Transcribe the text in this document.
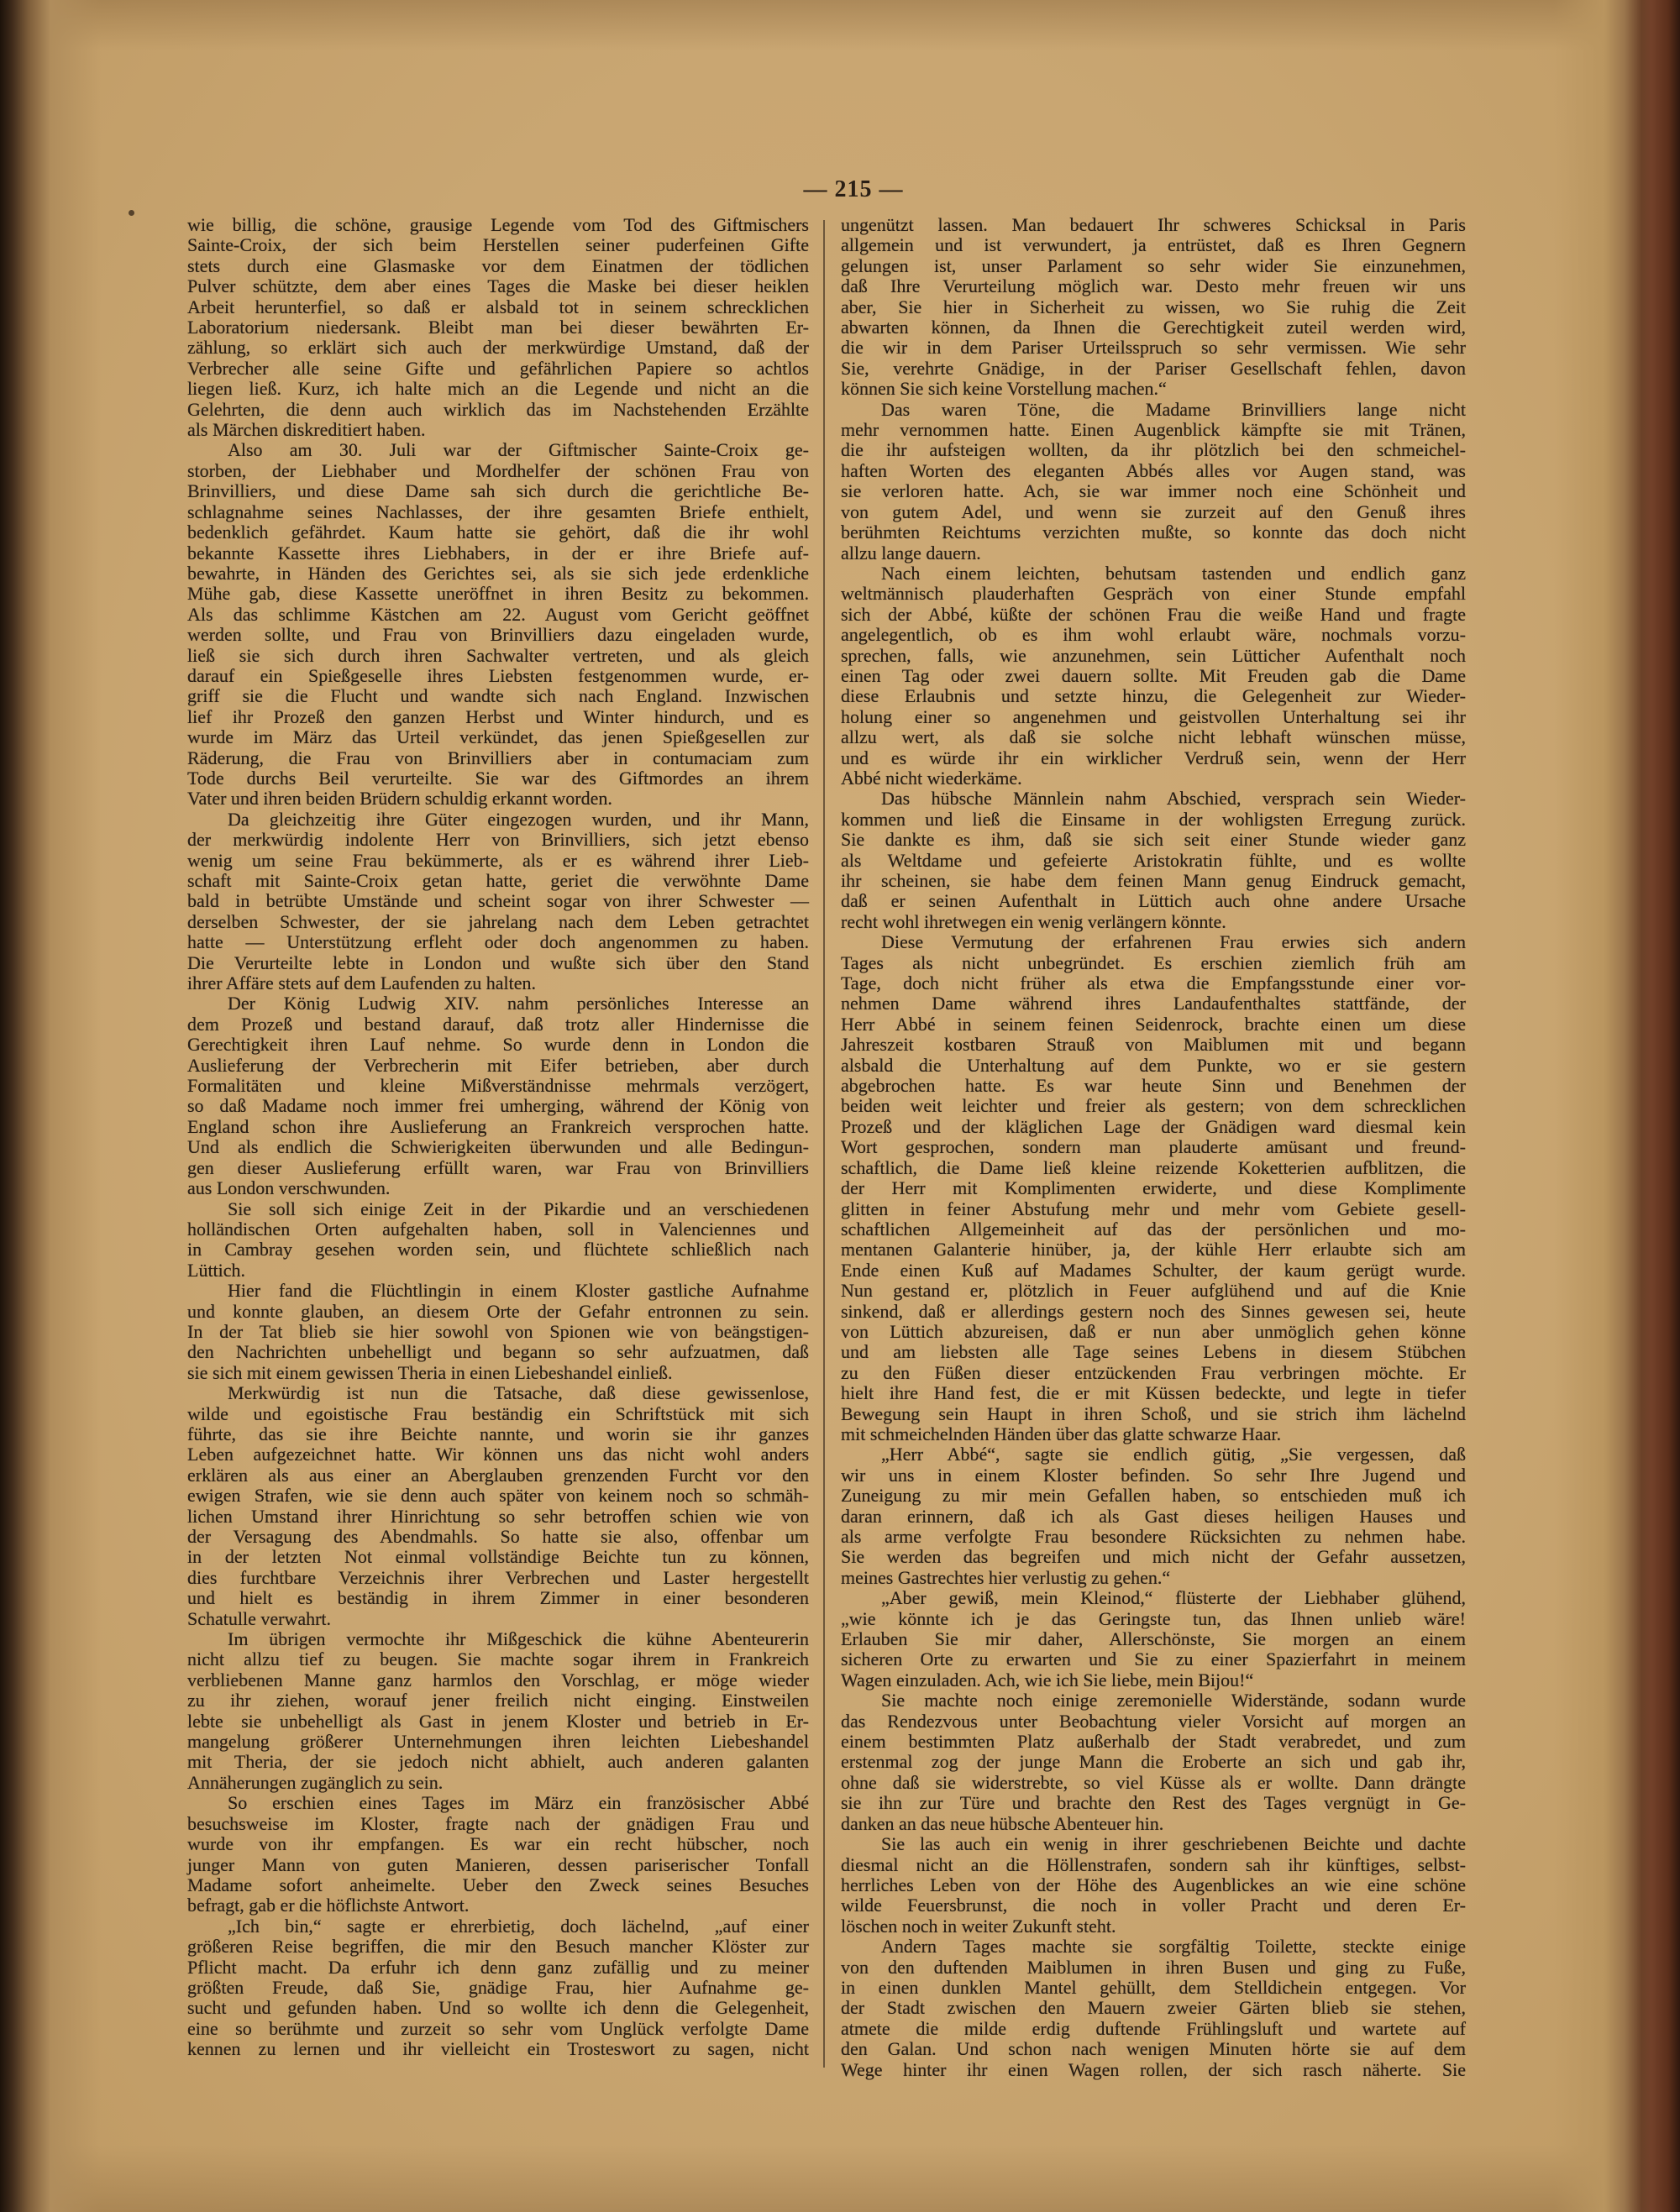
— 215 —
wie billig, die schöne, grausige Legende vom Tod des Giftmischers
Sainte-Croix, der sich beim Herstellen seiner puderfeinen Gifte
stets durch eine Glasmaske vor dem Einatmen der tödlichen
Pulver schützte, dem aber eines Tages die Maske bei dieser heiklen
Arbeit herunterfiel, so daß er alsbald tot in seinem schrecklichen
Laboratorium niedersank. Bleibt man bei dieser bewährten Er-
zählung, so erklärt sich auch der merkwürdige Umstand, daß der
Verbrecher alle seine Gifte und gefährlichen Papiere so achtlos
liegen ließ. Kurz, ich halte mich an die Legende und nicht an die
Gelehrten, die denn auch wirklich das im Nachstehenden Erzählte
als Märchen diskreditiert haben.
Also am 30. Juli war der Giftmischer Sainte-Croix ge-
storben, der Liebhaber und Mordhelfer der schönen Frau von
Brinvilliers, und diese Dame sah sich durch die gerichtliche Be-
schlagnahme seines Nachlasses, der ihre gesamten Briefe enthielt,
bedenklich gefährdet. Kaum hatte sie gehört, daß die ihr wohl
bekannte Kassette ihres Liebhabers, in der er ihre Briefe auf-
bewahrte, in Händen des Gerichtes sei, als sie sich jede erdenkliche
Mühe gab, diese Kassette uneröffnet in ihren Besitz zu bekommen.
Als das schlimme Kästchen am 22. August vom Gericht geöffnet
werden sollte, und Frau von Brinvilliers dazu eingeladen wurde,
ließ sie sich durch ihren Sachwalter vertreten, und als gleich
darauf ein Spießgeselle ihres Liebsten festgenommen wurde, er-
griff sie die Flucht und wandte sich nach England. Inzwischen
lief ihr Prozeß den ganzen Herbst und Winter hindurch, und es
wurde im März das Urteil verkündet, das jenen Spießgesellen zur
Räderung, die Frau von Brinvilliers aber in contumaciam zum
Tode durchs Beil verurteilte. Sie war des Giftmordes an ihrem
Vater und ihren beiden Brüdern schuldig erkannt worden.
Da gleichzeitig ihre Güter eingezogen wurden, und ihr Mann,
der merkwürdig indolente Herr von Brinvilliers, sich jetzt ebenso
wenig um seine Frau bekümmerte, als er es während ihrer Lieb-
schaft mit Sainte-Croix getan hatte, geriet die verwöhnte Dame
bald in betrübte Umstände und scheint sogar von ihrer Schwester —
derselben Schwester, der sie jahrelang nach dem Leben getrachtet
hatte — Unterstützung erfleht oder doch angenommen zu haben.
Die Verurteilte lebte in London und wußte sich über den Stand
ihrer Affäre stets auf dem Laufenden zu halten.
Der König Ludwig XIV. nahm persönliches Interesse an
dem Prozeß und bestand darauf, daß trotz aller Hindernisse die
Gerechtigkeit ihren Lauf nehme. So wurde denn in London die
Auslieferung der Verbrecherin mit Eifer betrieben, aber durch
Formalitäten und kleine Mißverständnisse mehrmals verzögert,
so daß Madame noch immer frei umherging, während der König von
England schon ihre Auslieferung an Frankreich versprochen hatte.
Und als endlich die Schwierigkeiten überwunden und alle Bedingun-
gen dieser Auslieferung erfüllt waren, war Frau von Brinvilliers
aus London verschwunden.
Sie soll sich einige Zeit in der Pikardie und an verschiedenen
holländischen Orten aufgehalten haben, soll in Valenciennes und
in Cambray gesehen worden sein, und flüchtete schließlich nach
Lüttich.
Hier fand die Flüchtlingin in einem Kloster gastliche Aufnahme
und konnte glauben, an diesem Orte der Gefahr entronnen zu sein.
In der Tat blieb sie hier sowohl von Spionen wie von beängstigen-
den Nachrichten unbehelligt und begann so sehr aufzuatmen, daß
sie sich mit einem gewissen Theria in einen Liebeshandel einließ.
Merkwürdig ist nun die Tatsache, daß diese gewissenlose,
wilde und egoistische Frau beständig ein Schriftstück mit sich
führte, das sie ihre Beichte nannte, und worin sie ihr ganzes
Leben aufgezeichnet hatte. Wir können uns das nicht wohl anders
erklären als aus einer an Aberglauben grenzenden Furcht vor den
ewigen Strafen, wie sie denn auch später von keinem noch so schmäh-
lichen Umstand ihrer Hinrichtung so sehr betroffen schien wie von
der Versagung des Abendmahls. So hatte sie also, offenbar um
in der letzten Not einmal vollständige Beichte tun zu können,
dies furchtbare Verzeichnis ihrer Verbrechen und Laster hergestellt
und hielt es beständig in ihrem Zimmer in einer besonderen
Schatulle verwahrt.
Im übrigen vermochte ihr Mißgeschick die kühne Abenteurerin
nicht allzu tief zu beugen. Sie machte sogar ihrem in Frankreich
verbliebenen Manne ganz harmlos den Vorschlag, er möge wieder
zu ihr ziehen, worauf jener freilich nicht einging. Einstweilen
lebte sie unbehelligt als Gast in jenem Kloster und betrieb in Er-
mangelung größerer Unternehmungen ihren leichten Liebeshandel
mit Theria, der sie jedoch nicht abhielt, auch anderen galanten
Annäherungen zugänglich zu sein.
So erschien eines Tages im März ein französischer Abbé
besuchsweise im Kloster, fragte nach der gnädigen Frau und
wurde von ihr empfangen. Es war ein recht hübscher, noch
junger Mann von guten Manieren, dessen pariserischer Tonfall
Madame sofort anheimelte. Ueber den Zweck seines Besuches
befragt, gab er die höflichste Antwort.
„Ich bin,“ sagte er ehrerbietig, doch lächelnd, „auf einer
größeren Reise begriffen, die mir den Besuch mancher Klöster zur
Pflicht macht. Da erfuhr ich denn ganz zufällig und zu meiner
größten Freude, daß Sie, gnädige Frau, hier Aufnahme ge-
sucht und gefunden haben. Und so wollte ich denn die Gelegenheit,
eine so berühmte und zurzeit so sehr vom Unglück verfolgte Dame
kennen zu lernen und ihr vielleicht ein Trosteswort zu sagen, nicht
ungenützt lassen. Man bedauert Ihr schweres Schicksal in Paris
allgemein und ist verwundert, ja entrüstet, daß es Ihren Gegnern
gelungen ist, unser Parlament so sehr wider Sie einzunehmen,
daß Ihre Verurteilung möglich war. Desto mehr freuen wir uns
aber, Sie hier in Sicherheit zu wissen, wo Sie ruhig die Zeit
abwarten können, da Ihnen die Gerechtigkeit zuteil werden wird,
die wir in dem Pariser Urteilsspruch so sehr vermissen. Wie sehr
Sie, verehrte Gnädige, in der Pariser Gesellschaft fehlen, davon
können Sie sich keine Vorstellung machen.“
Das waren Töne, die Madame Brinvilliers lange nicht
mehr vernommen hatte. Einen Augenblick kämpfte sie mit Tränen,
die ihr aufsteigen wollten, da ihr plötzlich bei den schmeichel-
haften Worten des eleganten Abbés alles vor Augen stand, was
sie verloren hatte. Ach, sie war immer noch eine Schönheit und
von gutem Adel, und wenn sie zurzeit auf den Genuß ihres
berühmten Reichtums verzichten mußte, so konnte das doch nicht
allzu lange dauern.
Nach einem leichten, behutsam tastenden und endlich ganz
weltmännisch plauderhaften Gespräch von einer Stunde empfahl
sich der Abbé, küßte der schönen Frau die weiße Hand und fragte
angelegentlich, ob es ihm wohl erlaubt wäre, nochmals vorzu-
sprechen, falls, wie anzunehmen, sein Lütticher Aufenthalt noch
einen Tag oder zwei dauern sollte. Mit Freuden gab die Dame
diese Erlaubnis und setzte hinzu, die Gelegenheit zur Wieder-
holung einer so angenehmen und geistvollen Unterhaltung sei ihr
allzu wert, als daß sie solche nicht lebhaft wünschen müsse,
und es würde ihr ein wirklicher Verdruß sein, wenn der Herr
Abbé nicht wiederkäme.
Das hübsche Männlein nahm Abschied, versprach sein Wieder-
kommen und ließ die Einsame in der wohligsten Erregung zurück.
Sie dankte es ihm, daß sie sich seit einer Stunde wieder ganz
als Weltdame und gefeierte Aristokratin fühlte, und es wollte
ihr scheinen, sie habe dem feinen Mann genug Eindruck gemacht,
daß er seinen Aufenthalt in Lüttich auch ohne andere Ursache
recht wohl ihretwegen ein wenig verlängern könnte.
Diese Vermutung der erfahrenen Frau erwies sich andern
Tages als nicht unbegründet. Es erschien ziemlich früh am
Tage, doch nicht früher als etwa die Empfangsstunde einer vor-
nehmen Dame während ihres Landaufenthaltes stattfände, der
Herr Abbé in seinem feinen Seidenrock, brachte einen um diese
Jahreszeit kostbaren Strauß von Maiblumen mit und begann
alsbald die Unterhaltung auf dem Punkte, wo er sie gestern
abgebrochen hatte. Es war heute Sinn und Benehmen der
beiden weit leichter und freier als gestern; von dem schrecklichen
Prozeß und der kläglichen Lage der Gnädigen ward diesmal kein
Wort gesprochen, sondern man plauderte amüsant und freund-
schaftlich, die Dame ließ kleine reizende Koketterien aufblitzen, die
der Herr mit Komplimenten erwiderte, und diese Komplimente
glitten in feiner Abstufung mehr und mehr vom Gebiete gesell-
schaftlichen Allgemeinheit auf das der persönlichen und mo-
mentanen Galanterie hinüber, ja, der kühle Herr erlaubte sich am
Ende einen Kuß auf Madames Schulter, der kaum gerügt wurde.
Nun gestand er, plötzlich in Feuer aufglühend und auf die Knie
sinkend, daß er allerdings gestern noch des Sinnes gewesen sei, heute
von Lüttich abzureisen, daß er nun aber unmöglich gehen könne
und am liebsten alle Tage seines Lebens in diesem Stübchen
zu den Füßen dieser entzückenden Frau verbringen möchte. Er
hielt ihre Hand fest, die er mit Küssen bedeckte, und legte in tiefer
Bewegung sein Haupt in ihren Schoß, und sie strich ihm lächelnd
mit schmeichelnden Händen über das glatte schwarze Haar.
„Herr Abbé“, sagte sie endlich gütig, „Sie vergessen, daß
wir uns in einem Kloster befinden. So sehr Ihre Jugend und
Zuneigung zu mir mein Gefallen haben, so entschieden muß ich
daran erinnern, daß ich als Gast dieses heiligen Hauses und
als arme verfolgte Frau besondere Rücksichten zu nehmen habe.
Sie werden das begreifen und mich nicht der Gefahr aussetzen,
meines Gastrechtes hier verlustig zu gehen.“
„Aber gewiß, mein Kleinod,“ flüsterte der Liebhaber glühend,
„wie könnte ich je das Geringste tun, das Ihnen unlieb wäre!
Erlauben Sie mir daher, Allerschönste, Sie morgen an einem
sicheren Orte zu erwarten und Sie zu einer Spazierfahrt in meinem
Wagen einzuladen. Ach, wie ich Sie liebe, mein Bijou!“
Sie machte noch einige zeremonielle Widerstände, sodann wurde
das Rendezvous unter Beobachtung vieler Vorsicht auf morgen an
einem bestimmten Platz außerhalb der Stadt verabredet, und zum
erstenmal zog der junge Mann die Eroberte an sich und gab ihr,
ohne daß sie widerstrebte, so viel Küsse als er wollte. Dann drängte
sie ihn zur Türe und brachte den Rest des Tages vergnügt in Ge-
danken an das neue hübsche Abenteuer hin.
Sie las auch ein wenig in ihrer geschriebenen Beichte und dachte
diesmal nicht an die Höllenstrafen, sondern sah ihr künftiges, selbst-
herrliches Leben von der Höhe des Augenblickes an wie eine schöne
wilde Feuersbrunst, die noch in voller Pracht und deren Er-
löschen noch in weiter Zukunft steht.
Andern Tages machte sie sorgfältig Toilette, steckte einige
von den duftenden Maiblumen in ihren Busen und ging zu Fuße,
in einen dunklen Mantel gehüllt, dem Stelldichein entgegen. Vor
der Stadt zwischen den Mauern zweier Gärten blieb sie stehen,
atmete die milde erdig duftende Frühlingsluft und wartete auf
den Galan. Und schon nach wenigen Minuten hörte sie auf dem
Wege hinter ihr einen Wagen rollen, der sich rasch näherte. Sie
